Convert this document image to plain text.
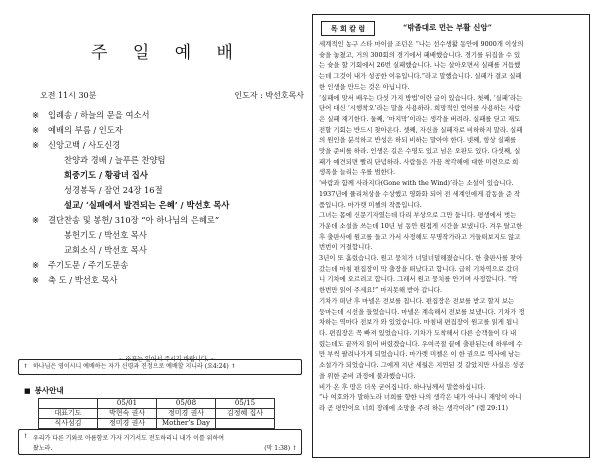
주 일 예 배
오전 11시 30분	인도자 : 박선호목사
※ 입례송 / 하늘의 문을 여소서
※ 예배의 부름 / 인도자
※ 신앙고백 / 사도신경
찬양과 경배 / 늘푸른 찬양팀
회중기도 / 황광녀 집사
성경봉독 / 잠언 24장 16절
설교/ ‘실패에서 발견되는 은혜’ / 박선호 목사
※ 결단찬송 및 봉헌/ 310장 “아 하나님의 은혜로”
봉헌기도 / 박선호 목사
교회소식 / 박선호 목사
※ 주기도문 / 주기도문송
※ 축 도 / 박선호 목사
~ ※표는 일어서 주시기 바랍니다. ~
↑ 하나님은 영이시니 예배하는 자가 신령과 진정으로 예배할 지니라 (요4:24) ↑
■ 봉사안내
	05/01	05/08	05/15
대표기도	박현숙 권사	정미경 권사	김정혜 집사
식사섬김	정미경 권사	Mother’s Day	
↑ 우리가 다른 기와로 아름함로 가자 거기서도 전도하리니 내가 이를 위하여
왔노라.	(막 1:38) ↑
목 회 칼 럼	“밖좀대로 먼는 부활 신앙”

세계적인 농구 스타 마이클 조던은 “나는 선수생활 동안에 9000개 이상의

슛을 놓쳤고, 거의 300회의 경기에서 패배했습니다. 경기를 뒤집을 수 있

는 슛을 할 기회에서 26번 실패했습니다. 나는 살아오면서 실패를 거듭했

는데 그것이 내가 성공한 이유입니다.”라고 말했습니다. 실패가 결코 실패

한 인생을 만드는 것은 아닙니다.

‘실패에 맞서 배우는 다섯 가지 방법’이란 글이 있습니다. 첫째, ‘실패’라는

단어 대신 ‘시행착오’라는 말을 사용하라. 희망적인 언어를 사용하는 사람

은 실패 재기한다. 둘째, ‘마지막’이라는 생각을 버려라. 실패를 딛고 재도

전할 기회는 반드시 찾아온다. 셋째, 자신을 실패자로 비하하지 말라. 실패

의 원인을 분석하고 반성은 하되 비하는 말아야 한다. 넷째, 항상 실패를

맛을 준비를 하라. 인생은 길은 수영도 있고 넘은 오판도 있다. 다섯째, 실

패가 예견되면 빨리 단념하라. 사람들은 가끔 착각해에 대한 미련으로 희

생폭을 늘리는 우를 범한다.

‘바람과 함께 사라지다(Gone with the Wind)’라는 소설이 있습니다.

1937년에 퓰리처상을 수상했고 영화화 되어 전 세계인에게 감동을 준 작

품입니다. 마가렛 미첼의 작품입니다.

그녀는 몸에 신문기자였는데 다리 부상으로 그만 둡니다. 평생에서 벗는

가운데 소설을 쓰는데 10년 넘 동안 원접게 시간을 보냈니다. 겨우 탈고한

후 출판사에 원고를 들고 가서 사정해도 무명작가라고 거들떠보지도 않고

번번이 거절합니다.

3년이 또 흘렀습니다. 원고 뭉치가 너덜너덜해졌습니다. 한 출판사를 찾아

갔는데 마침 편집장이 막 출장을 떠났다고 합니다. 급히 기차역으로 갔더

니 기차에 오르려고 합니다. 그래서 원고 뭉치를 안기며 사정합니다. “딱

한번만 읽어 주세요!” 마지못해 받아 갑니다.

기차가 떠난 후 마넬은 전보를 칩니다. 편집장은 전보를 받고 할지 보는

둥마는데 시선을 들었습니다. 마넬은 계속해서 전보를 보냈니다. 기차가 정

차하는 역마다 전보가 와 있었습니다. 마침내 편집장이 원고를 읽게 됩니

다. 편집장은 꼭 빠져 있었습니다. 기차가 도착해서 다른 승객들이 다 내

렸는데도 끝까지 읽어 버렸겠습니다. 우여곡절 끝에 출판된는데 하루에 수

만 부씩 팔려나가게 되었습니다. 마가렛 미첼은 이 한 권으로 역사에 남는

소설가가 되었습니다. 그에게 지난 세월은 지연된 것 같았지만 사실은 성공

을 위한 준비 과정에 불과했습니다.

비가 온 후 땅은 더욱 굳어집니다. 하나님께서 말씀하십니다.

“나 여호와가 말하노라 너희를 향한 나의 생각은 내가 아나니 재앙이 아니

라 곧 평안이요 너희 장래에 소망을 주려 하는 생각이라” (렘 29:11)
